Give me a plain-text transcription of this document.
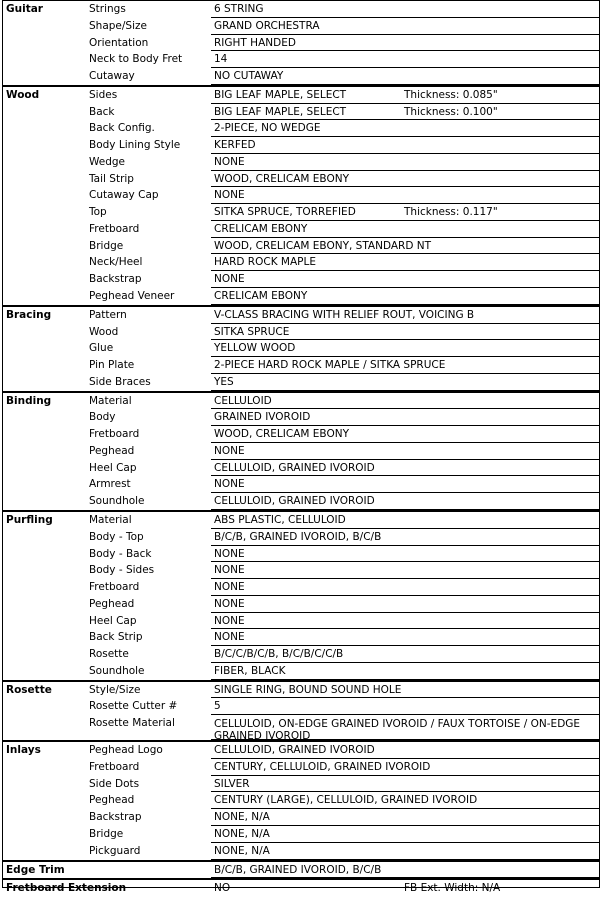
Guitar	Strings	6 STRING
Shape/Size	GRAND ORCHESTRA
Orientation	RIGHT HANDED
Neck to Body Fret	14
Cutaway	NO CUTAWAY
Wood	Sides	BIG LEAF MAPLE, SELECT	Thickness: 0.085"
Back	BIG LEAF MAPLE, SELECT	Thickness: 0.100"
Back Config.	2-PIECE, NO WEDGE
Body Lining Style	KERFED
Wedge	NONE
Tail Strip	WOOD, CRELICAM EBONY
Cutaway Cap	NONE
Top	SITKA SPRUCE, TORREFIED	Thickness: 0.117"
Fretboard	CRELICAM EBONY
Bridge	WOOD, CRELICAM EBONY, STANDARD NT
Neck/Heel	HARD ROCK MAPLE
Backstrap	NONE
Peghead Veneer	CRELICAM EBONY
Bracing	Pattern	V-CLASS BRACING WITH RELIEF ROUT, VOICING B
Wood	SITKA SPRUCE
Glue	YELLOW WOOD
Pin Plate	2-PIECE HARD ROCK MAPLE / SITKA SPRUCE
Side Braces	YES
Binding	Material	CELLULOID
Body	GRAINED IVOROID
Fretboard	WOOD, CRELICAM EBONY
Peghead	NONE
Heel Cap	CELLULOID, GRAINED IVOROID
Armrest	NONE
Soundhole	CELLULOID, GRAINED IVOROID
Purfling	Material	ABS PLASTIC, CELLULOID
Body - Top	B/C/B, GRAINED IVOROID, B/C/B
Body - Back	NONE
Body - Sides	NONE
Fretboard	NONE
Peghead	NONE
Heel Cap	NONE
Back Strip	NONE
Rosette	B/C/C/B/C/B, B/C/B/C/C/B
Soundhole	FIBER, BLACK
Rosette	Style/Size	SINGLE RING, BOUND SOUND HOLE
Rosette Cutter #	5
Rosette Material	CELLULOID, ON-EDGE GRAINED IVOROID / FAUX TORTOISE / ON-EDGE GRAINED IVOROID
Inlays	Peghead Logo	CELLULOID, GRAINED IVOROID
Fretboard	CENTURY, CELLULOID, GRAINED IVOROID
Side Dots	SILVER
Peghead	CENTURY (LARGE), CELLULOID, GRAINED IVOROID
Backstrap	NONE, N/A
Bridge	NONE, N/A
Pickguard	NONE, N/A
Edge Trim	B/C/B, GRAINED IVOROID, B/C/B
Fretboard Extension	NO	FB Ext. Width: N/A
